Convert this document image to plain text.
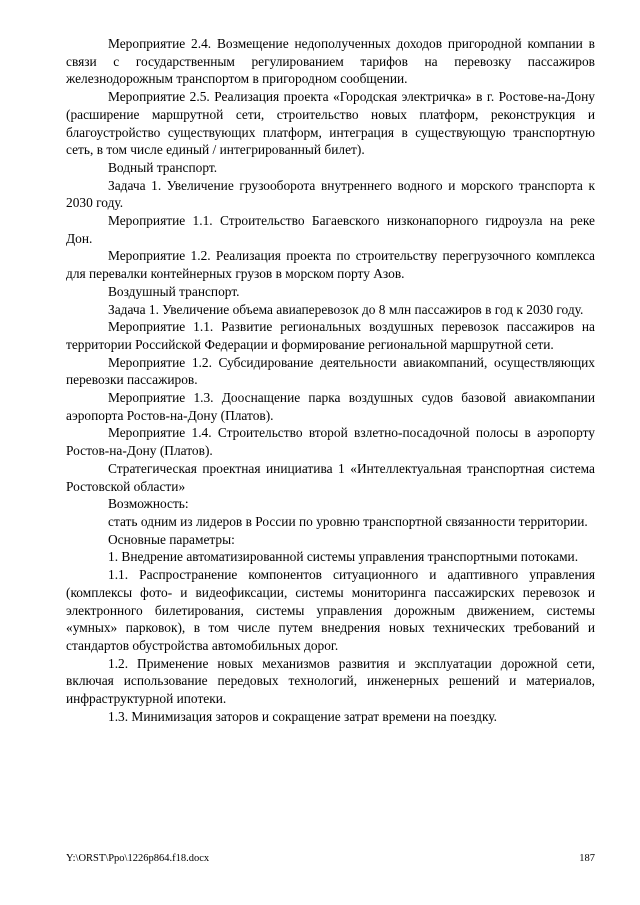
Мероприятие 2.4. Возмещение недополученных доходов пригородной компании в связи с государственным регулированием тарифов на перевозку пассажиров железнодорожным транспортом в пригородном сообщении.

Мероприятие 2.5. Реализация проекта «Городская электричка» в г. Ростове-на-Дону (расширение маршрутной сети, строительство новых платформ, реконструкция и благоустройство существующих платформ, интеграция в существующую транспортную сеть, в том числе единый / интегрированный билет).

Водный транспорт.

Задача 1. Увеличение грузооборота внутреннего водного и морского транспорта к 2030 году.

Мероприятие 1.1. Строительство Багаевского низконапорного гидроузла на реке Дон.

Мероприятие 1.2. Реализация проекта по строительству перегрузочного комплекса для перевалки контейнерных грузов в морском порту Азов.

Воздушный транспорт.

Задача 1. Увеличение объема авиаперевозок до 8 млн пассажиров в год к 2030 году.

Мероприятие 1.1. Развитие региональных воздушных перевозок пассажиров на территории Российской Федерации и формирование региональной маршрутной сети.

Мероприятие 1.2. Субсидирование деятельности авиакомпаний, осуществляющих перевозки пассажиров.

Мероприятие 1.3. Дооснащение парка воздушных судов базовой авиакомпании аэропорта Ростов-на-Дону (Платов).

Мероприятие 1.4. Строительство второй взлетно-посадочной полосы в аэропорту Ростов-на-Дону (Платов).

Стратегическая проектная инициатива 1 «Интеллектуальная транспортная система Ростовской области»

Возможность:

стать одним из лидеров в России по уровню транспортной связанности территории.

Основные параметры:

1. Внедрение автоматизированной системы управления транспортными потоками.

1.1. Распространение компонентов ситуационного и адаптивного управления (комплексы фото- и видеофиксации, системы мониторинга пассажирских перевозок и электронного билетирования, системы управления дорожным движением, системы «умных» парковок), в том числе путем внедрения новых технических требований и стандартов обустройства автомобильных дорог.

1.2. Применение новых механизмов развития и эксплуатации дорожной сети, включая использование передовых технологий, инженерных решений и материалов, инфраструктурной ипотеки.

1.3. Минимизация заторов и сокращение затрат времени на поездку.

Y:\ORST\Ppo\1226p864.f18.docx	187
